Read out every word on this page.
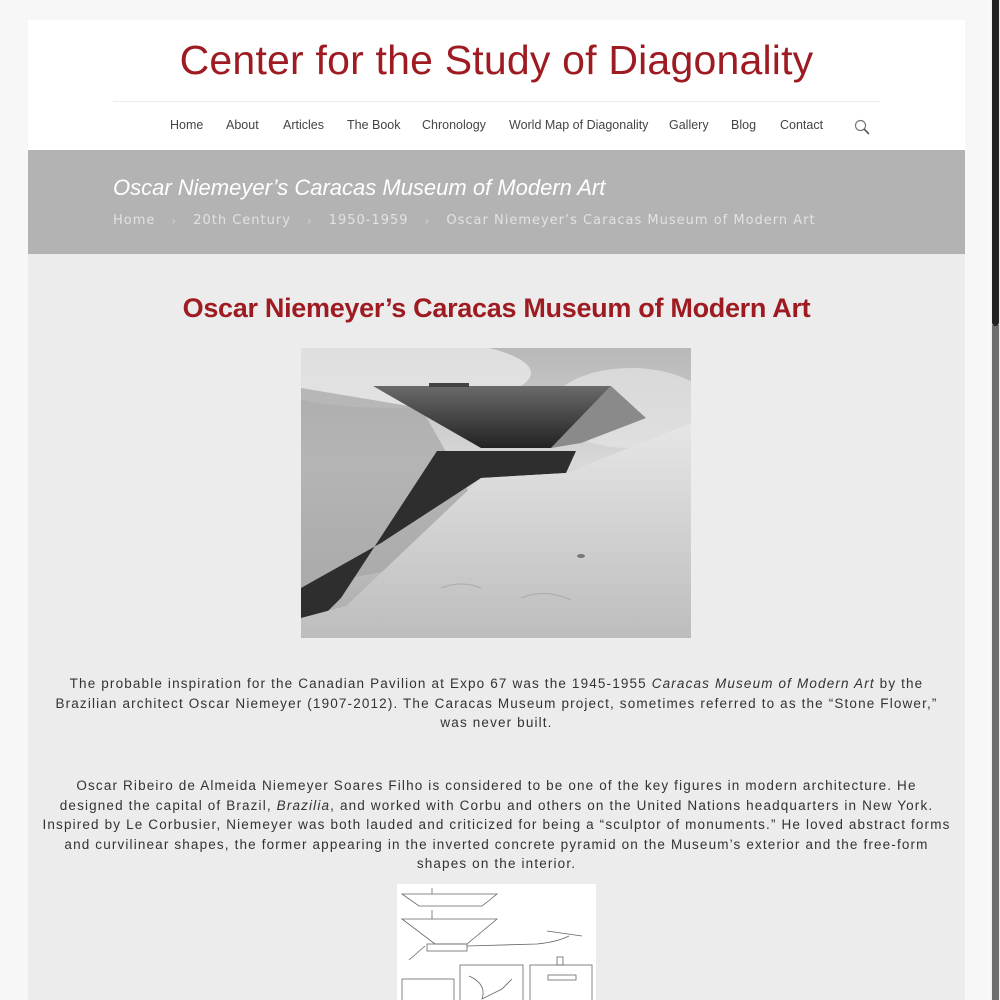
Center for the Study of Diagonality
Home About Articles The Book Chronology World Map of Diagonality Gallery Blog Contact
Oscar Niemeyer’s Caracas Museum of Modern Art
Home › 20th Century › 1950-1959 › Oscar Niemeyer’s Caracas Museum of Modern Art
Oscar Niemeyer’s Caracas Museum of Modern Art

The probable inspiration for the Canadian Pavilion at Expo 67 was the 1945-1955 Caracas Museum of Modern Art by the Brazilian architect Oscar Niemeyer (1907-2012). The Caracas Museum project, sometimes referred to as the “Stone Flower,” was never built.

Oscar Ribeiro de Almeida Niemeyer Soares Filho is considered to be one of the key figures in modern architecture. He designed the capital of Brazil, Brazilia, and worked with Corbu and others on the United Nations headquarters in New York. Inspired by Le Corbusier, Niemeyer was both lauded and criticized for being a “sculptor of monuments.” He loved abstract forms and curvilinear shapes, the former appearing in the inverted concrete pyramid on the Museum’s exterior and the free-form shapes on the interior.
